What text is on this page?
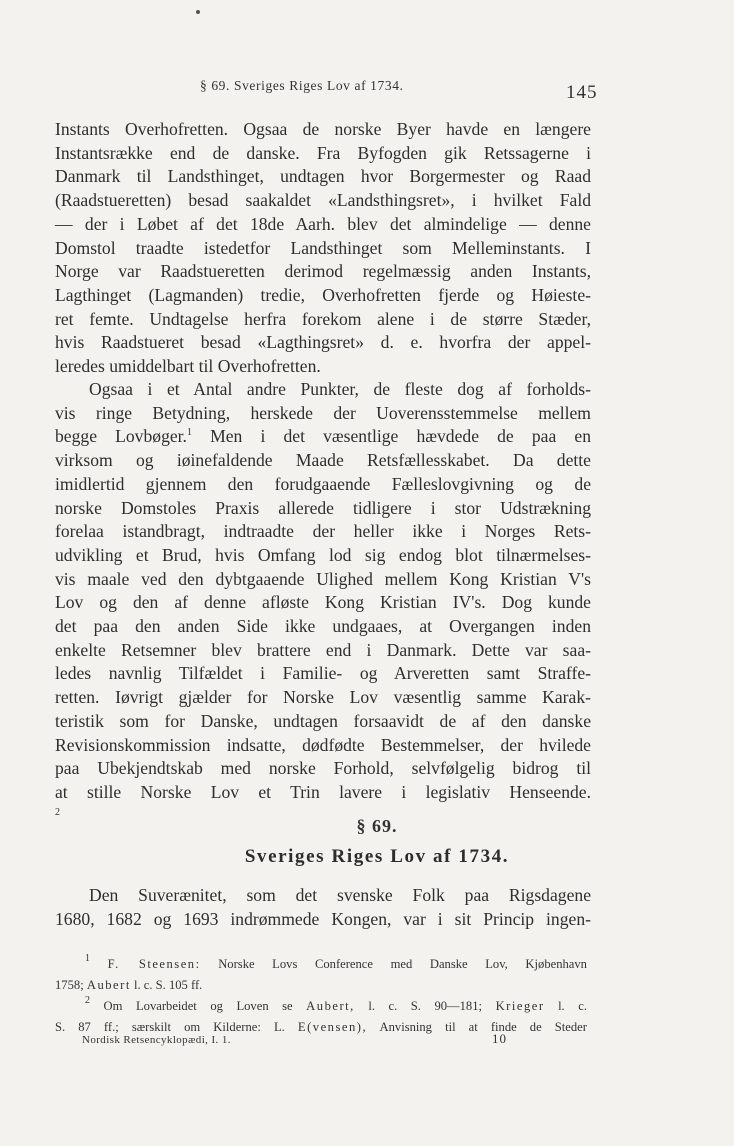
§ 69. Sveriges Riges Lov af 1734.	145
Instants Overhofretten. Ogsaa de norske Byer havde en længere
Instantsrække end de danske. Fra Byfogden gik Retssagerne i
Danmark til Landsthinget, undtagen hvor Borgermester og Raad
(Raadstueretten) besad saakaldet «Landsthingsret», i hvilket Fald
— der i Løbet af det 18de Aarh. blev det almindelige — denne
Domstol traadte istedetfor Landsthinget som Melleminstants. I
Norge var Raadstueretten derimod regelmæssig anden Instants,
Lagthinget (Lagmanden) tredie, Overhofretten fjerde og Høieste-
ret femte. Undtagelse herfra forekom alene i de større Stæder,
hvis Raadstueret besad «Lagthingsret» d. e. hvorfra der appel-
leredes umiddelbart til Overhofretten.
Ogsaa i et Antal andre Punkter, de fleste dog af forholds-
vis ringe Betydning, herskede der Uoverensstemmelse mellem
begge Lovbøger.$^1$ Men i det væsentlige hævdede de paa en
virksom og iøinefaldende Maade Retsfællesskabet. Da dette
imidlertid gjennem den forudgaaende Fælleslovgivning og de
norske Domstoles Praxis allerede tidligere i stor Udstrækning
forelaa istandbragt, indtraadte der heller ikke i Norges Rets-
udvikling et Brud, hvis Omfang lod sig endog blot tilnærmelses-
vis maale ved den dybtgaaende Ulighed mellem Kong Kristian V's
Lov og den af denne afløste Kong Kristian IV's. Dog kunde
det paa den anden Side ikke undgaaes, at Overgangen inden
enkelte Retsemner blev brattere end i Danmark. Dette var saa-
ledes navnlig Tilfældet i Familie- og Arveretten samt Straffe-
retten. Iøvrigt gjælder for Norske Lov væsentlig samme Karak-
teristik som for Danske, undtagen forsaavidt de af den danske
Revisionskommission indsatte, dødfødte Bestemmelser, der hvilede
paa Ubekjendtskab med norske Forhold, selvfølgelig bidrog til
at stille Norske Lov et Trin lavere i legislativ Henseende.
$^2$
§ 69.
Sveriges Riges Lov af 1734.
Den Suverænitet, som det svenske Folk paa Rigsdagene
1680, 1682 og 1693 indrømmede Kongen, var i sit Princip ingen-
$^1$ F. Steensen: Norske Lovs Conference med Danske Lov, Kjøbenhavn
1758; Aubert l. c. S. 105 ff.
$^2$ Om Lovarbeidet og Loven se Aubert, l. c. S. 90—181; Krieger l. c.
S. 87 ff.; særskilt om Kilderne: L. E(vensen), Anvisning til at finde de Steder
Nordisk Retsencyklopædi, I. 1.	10
